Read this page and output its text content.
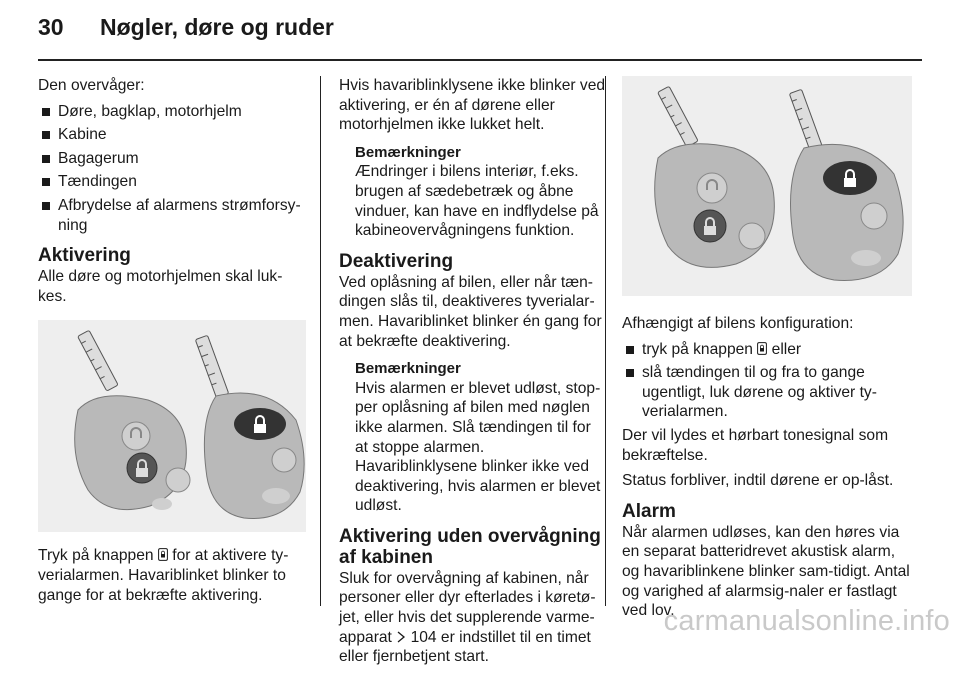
30 Nøgler, døre og ruder

Den overvåger:

Døre, bagklap, motorhjelm
Kabine
Bagagerum
Tændingen
Afbrydelse af alarmens strømforsy‐ning
Aktivering

Alle døre og motorhjelmen skal luk‐kes.

Tryk på knappen for at aktivere ty‐verialarmen. Havariblinket blinker to gange for at bekræfte aktivering.

Hvis havariblinklysene ikke blinker ved aktivering, er én af dørene eller motorhjelmen ikke lukket helt.

Bemærkninger
Ændringer i bilens interiør, f.eks. brugen af sædebetræk og åbne vinduer, kan have en indflydelse på kabineovervågningens funktion.
Deaktivering

Ved oplåsning af bilen, eller når tæn‐dingen slås til, deaktiveres tyverialar‐men. Havariblinket blinker én gang for at bekræfte deaktivering.

Bemærkninger
Hvis alarmen er blevet udløst, stop‐per oplåsning af bilen med nøglen ikke alarmen. Slå tændingen til for at stoppe alarmen. Havariblinklysene blinker ikke ved deaktivering, hvis alarmen er blevet udløst.
Aktivering uden overvågning af kabinen

Sluk for overvågning af kabinen, når personer eller dyr efterlades i køretø‐jet, eller hvis det supplerende varme‐apparat 104 er indstillet til en timet eller fjernbetjent start.

Afhængigt af bilens konfiguration:

tryk på knappen eller
slå tændingen til og fra to gange ugentligt, luk dørene og aktiver ty‐verialarmen.

Der vil lydes et hørbart tonesignal som bekræftelse.

Status forbliver, indtil dørene er op‐låst.

Alarm

Når alarmen udløses, kan den høres via en separat batteridrevet akustisk alarm, og havariblinkene blinker sam‐tidigt. Antal og varighed af alarmsig‐naler er fastlagt ved lov.

carmanualsonline.info
